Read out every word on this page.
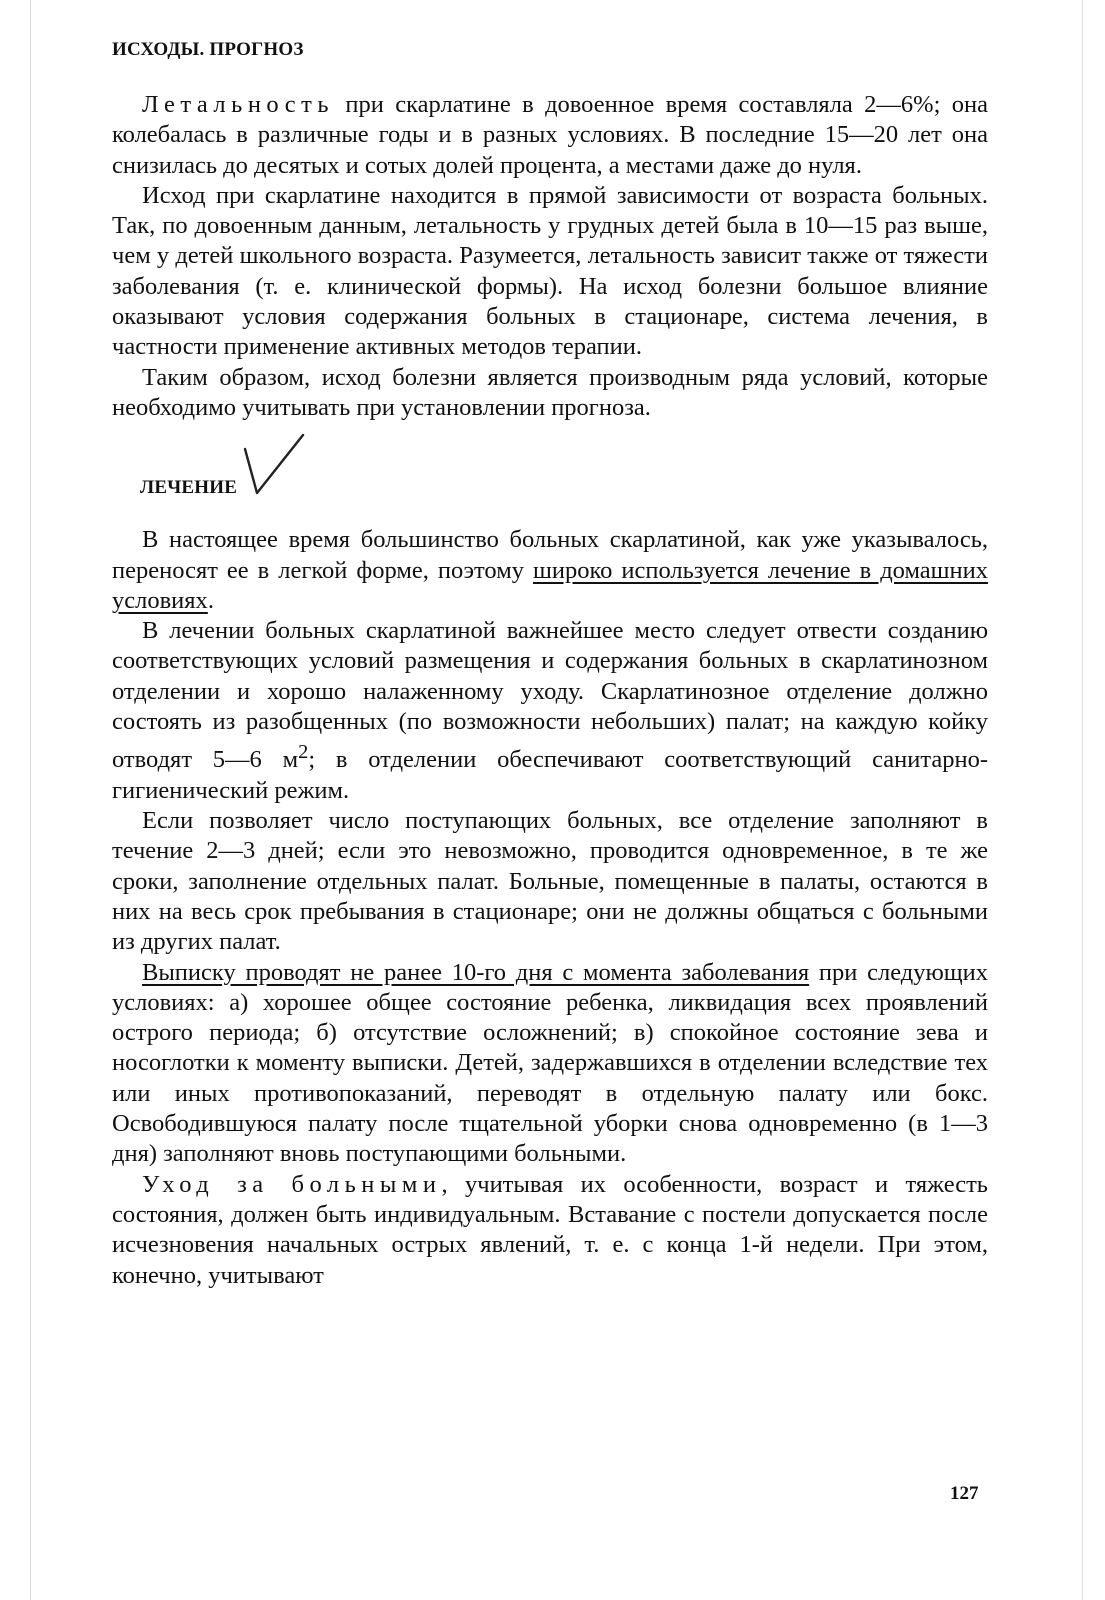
ИСХОДЫ. ПРОГНОЗ

Летальность при скарлатине в довоенное время составляла 2—6%; она колебалась в различные годы и в разных условиях. В последние 15—20 лет она снизилась до десятых и сотых долей процента, а местами даже до нуля.

Исход при скарлатине находится в прямой зависимости от возраста больных. Так, по довоенным данным, летальность у грудных детей была в 10—15 раз выше, чем у детей школьного возраста. Разумеется, летальность зависит также от тяжести заболевания (т. е. клинической формы). На исход болезни большое влияние оказывают условия содержания больных в стационаре, система лечения, в частности применение активных методов терапии.

Таким образом, исход болезни является производным ряда условий, которые необходимо учитывать при установлении прогноза.

ЛЕЧЕНИЕ

В настоящее время большинство больных скарлатиной, как уже указывалось, переносят ее в легкой форме, поэтому широко используется лечение в домашних условиях.

В лечении больных скарлатиной важнейшее место следует отвести созданию соответствующих условий размещения и содержания больных в скарлатинозном отделении и хорошо налаженному уходу. Скарлатинозное отделение должно состоять из разобщенных (по возможности небольших) палат; на каждую койку отводят 5—6 $м^2$; в отделении обеспечивают соответствующий санитарно-гигиенический режим.

Если позволяет число поступающих больных, все отделение заполняют в течение 2—3 дней; если это невозможно, проводится одновременное, в те же сроки, заполнение отдельных палат. Больные, помещенные в палаты, остаются в них на весь срок пребывания в стационаре; они не должны общаться с больными из других палат.

Выписку проводят не ранее 10-го дня с момента заболевания при следующих условиях: а) хорошее общее состояние ребенка, ликвидация всех проявлений острого периода; б) отсутствие осложнений; в) спокойное состояние зева и носоглотки к моменту выписки. Детей, задержавшихся в отделении вследствие тех или иных противопоказаний, переводят в отдельную палату или бокс. Освободившуюся палату после тщательной уборки снова одновременно (в 1—3 дня) заполняют вновь поступающими больными.

Уход за больными, учитывая их особенности, возраст и тяжесть состояния, должен быть индивидуальным. Вставание с постели допускается после исчезновения начальных острых явлений, т. е. с конца 1-й недели. При этом, конечно, учитывают

127
